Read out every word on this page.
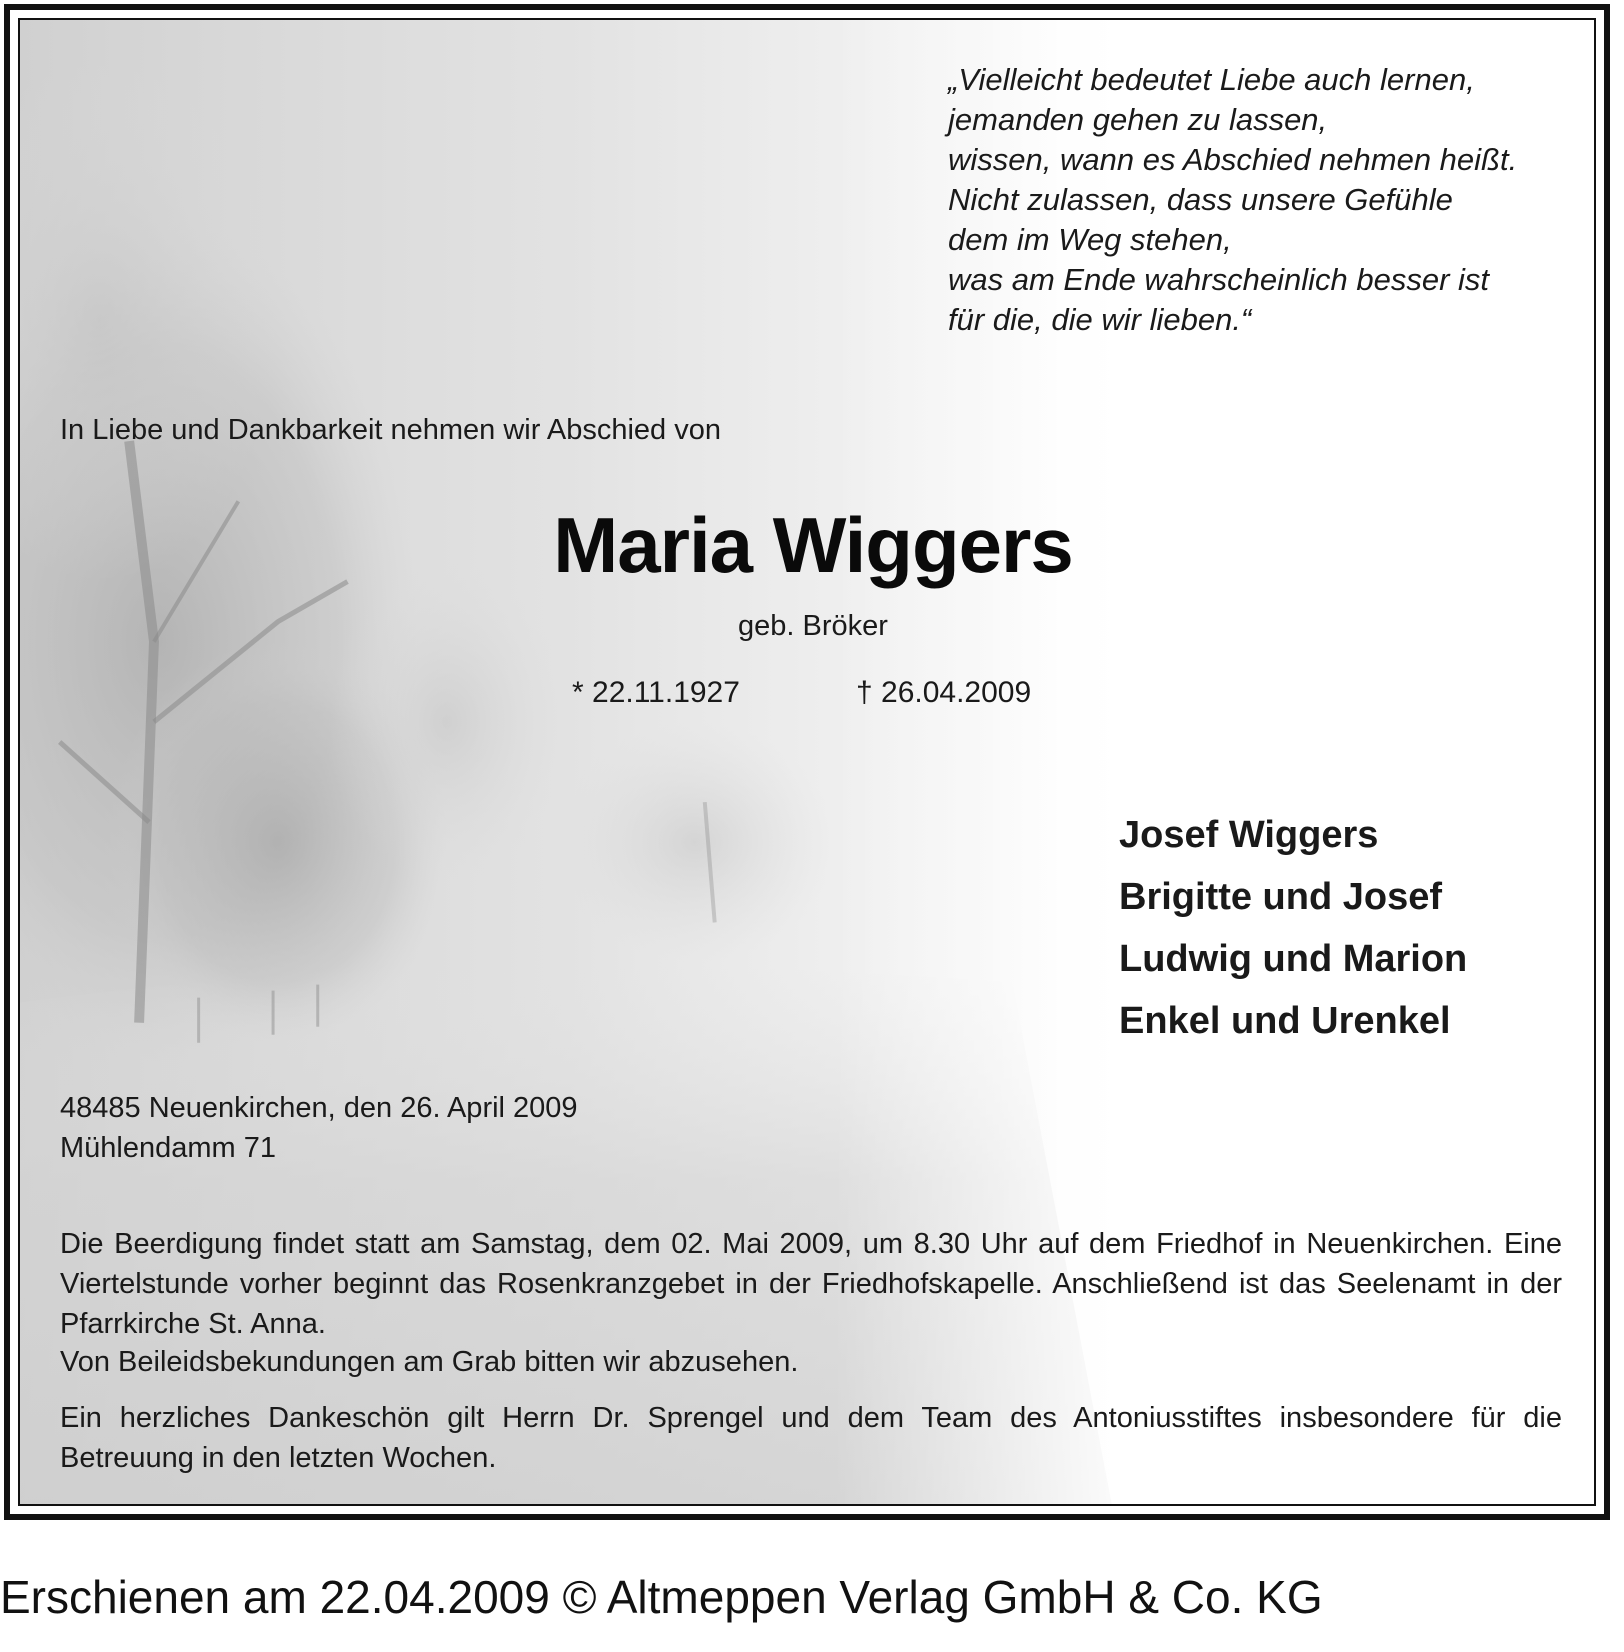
„Vielleicht bedeutet Liebe auch lernen,
jemanden gehen zu lassen,
wissen, wann es Abschied nehmen heißt.
Nicht zulassen, dass unsere Gefühle
dem im Weg stehen,
was am Ende wahrscheinlich besser ist
für die, die wir lieben.“

In Liebe und Dankbarkeit nehmen wir Abschied von

Maria Wiggers

geb. Bröker

* 22.11.1927	† 26.04.2009

Josef Wiggers
Brigitte und Josef
Ludwig und Marion
Enkel und Urenkel
48485 Neuenkirchen, den 26. April 2009
Mühlendamm 71

Die Beerdigung findet statt am Samstag, dem 02. Mai 2009, um 8.30 Uhr auf dem Friedhof in Neuenkirchen. Eine Viertelstunde vorher beginnt das Rosenkranzgebet in der Friedhofskapelle. Anschließend ist das Seelenamt in der Pfarrkirche St. Anna.

Von Beileidsbekundungen am Grab bitten wir abzusehen.

Ein herzliches Dankeschön gilt Herrn Dr. Sprengel und dem Team des Antoniusstiftes insbesondere für die Betreuung in den letzten Wochen.

Erschienen am 22.04.2009 © Altmeppen Verlag GmbH & Co. KG
